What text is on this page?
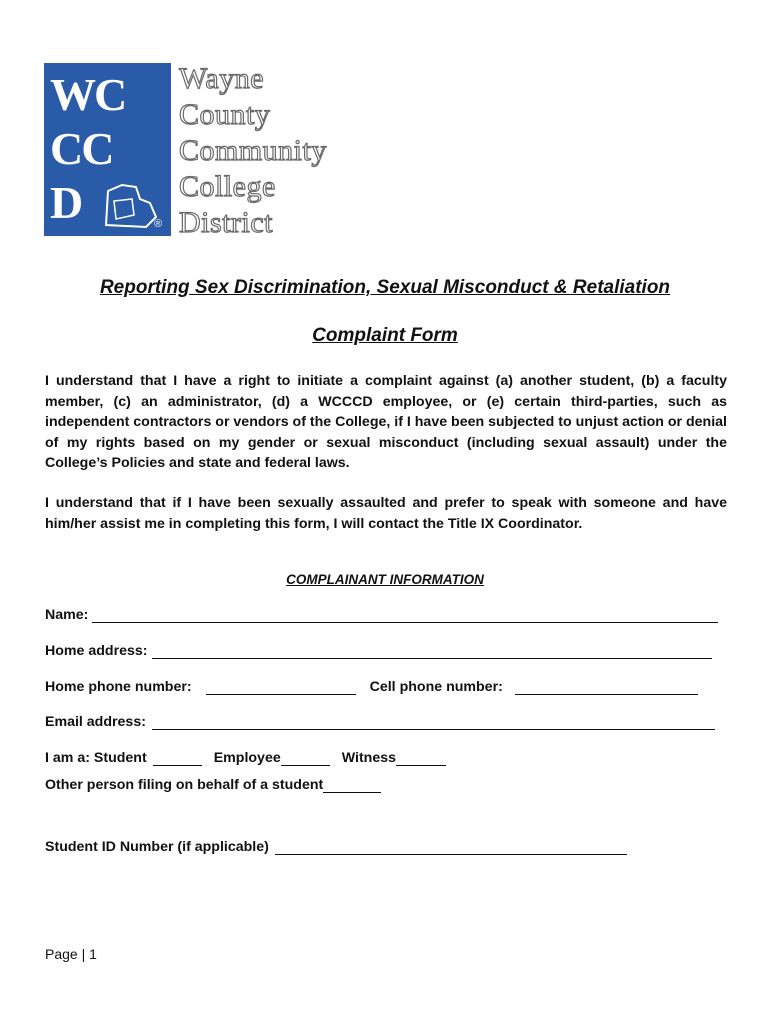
WC
CC
D	®
Wayne
County
Community
College
District
Reporting Sex Discrimination, Sexual Misconduct & Retaliation
Complaint Form
I understand that I have a right to initiate a complaint against (a) another student, (b) a faculty member, (c) an administrator, (d) a WCCCD employee, or (e) certain third-parties, such as independent contractors or vendors of the College, if I have been subjected to unjust action or denial of my rights based on my gender or sexual misconduct (including sexual assault) under the College’s Policies and state and federal laws.
I understand that if I have been sexually assaulted and prefer to speak with someone and have him/her assist me in completing this form, I will contact the Title IX Coordinator.
COMPLAINANT INFORMATION
Name:
Home address:
Home phone number:	Cell phone number:
Email address:
I am a: Student	Employee	Witness
Other person filing on behalf of a student
Student ID Number (if applicable)
Page | 1
